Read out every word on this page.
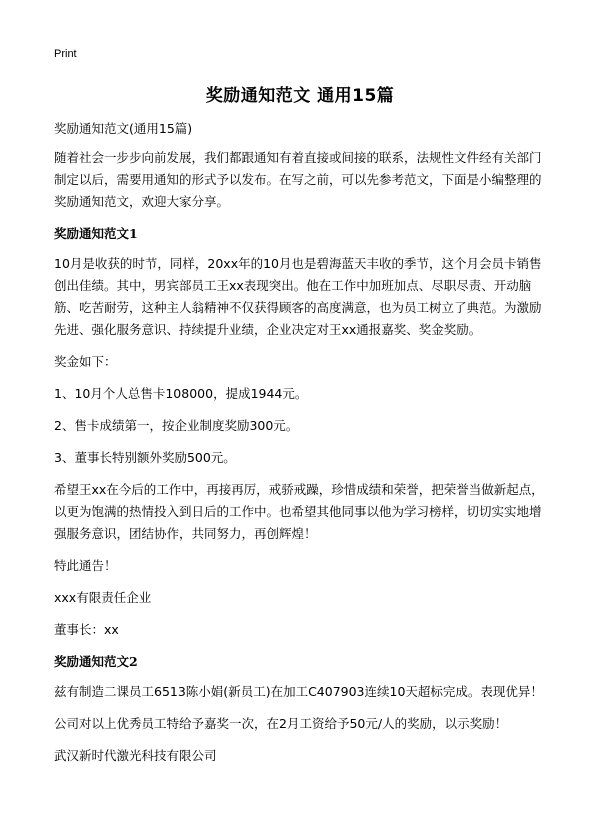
Print
奖励通知范文 通用15篇

奖励通知范文(通用15篇)

随着社会一步步向前发展，我们都跟通知有着直接或间接的联系，法规性文件经有关部门制定以后，需要用通知的形式予以发布。在写之前，可以先参考范文，下面是小编整理的奖励通知范文，欢迎大家分享。

奖励通知范文1

10月是收获的时节，同样，20xx年的10月也是碧海蓝天丰收的季节，这个月会员卡销售创出佳绩。其中，男宾部员工王xx表现突出。他在工作中加班加点、尽职尽责、开动脑筋、吃苦耐劳，这种主人翁精神不仅获得顾客的高度满意，也为员工树立了典范。为激励先进、强化服务意识、持续提升业绩，企业决定对王xx通报嘉奖、奖金奖励。

奖金如下：

1、10月个人总售卡108000，提成1944元。

2、售卡成绩第一，按企业制度奖励300元。

3、董事长特别额外奖励500元。

希望王xx在今后的工作中，再接再厉，戒骄戒躁，珍惜成绩和荣誉，把荣誉当做新起点，以更为饱满的热情投入到日后的工作中。也希望其他同事以他为学习榜样，切切实实地增强服务意识，团结协作，共同努力，再创辉煌！

特此通告！

xxx有限责任企业

董事长：xx

奖励通知范文2

兹有制造二课员工6513陈小娟(新员工)在加工C407903连续10天超标完成。表现优异！

公司对以上优秀员工特给予嘉奖一次，在2月工资给予50元/人的奖励，以示奖励！

武汉新时代激光科技有限公司
